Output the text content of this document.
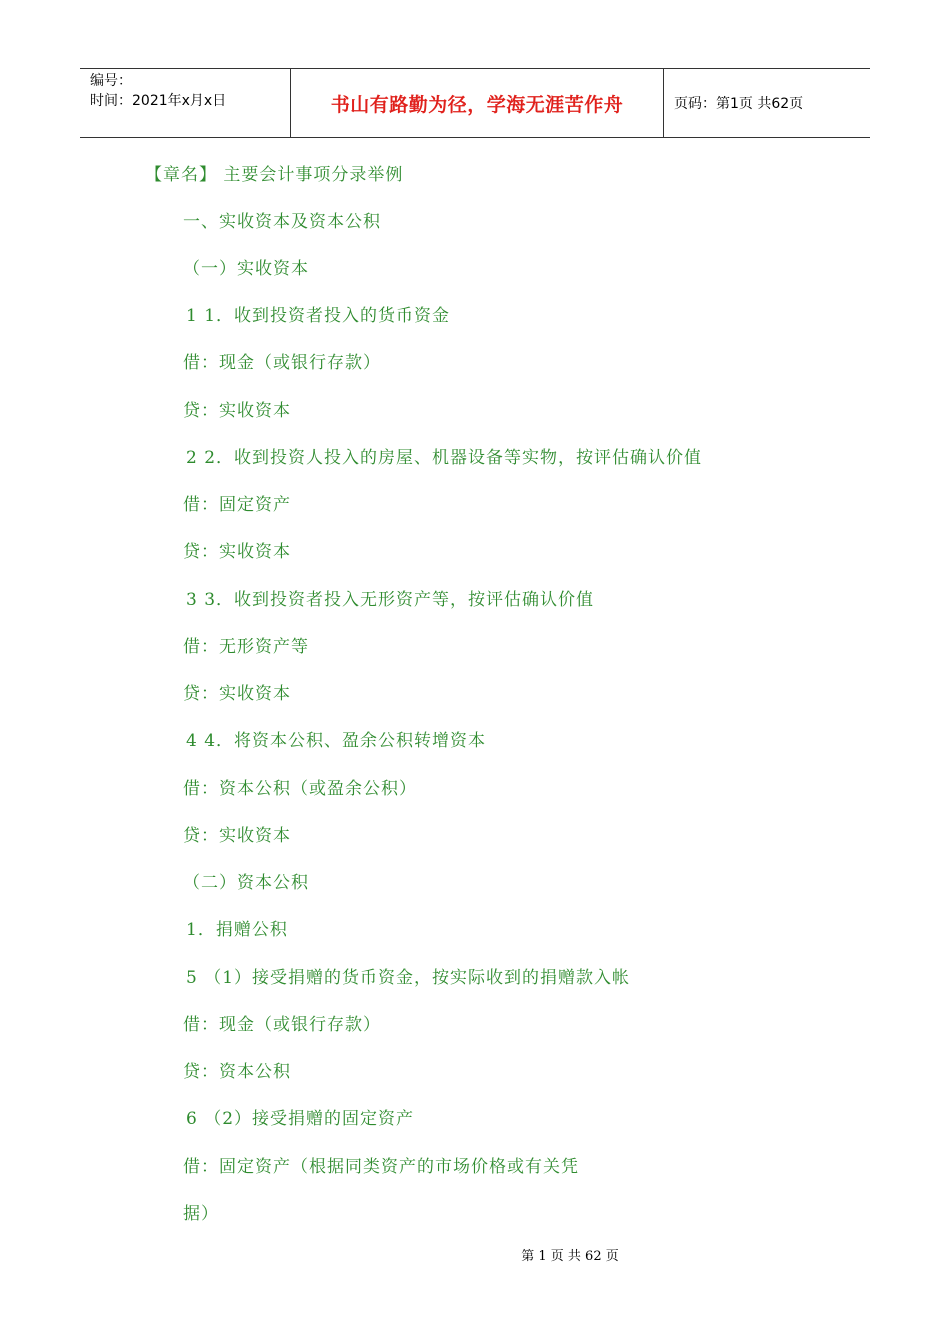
编号：
时间：2021年x月x日	书山有路勤为径，学海无涯苦作舟	页码：第1页 共62页
【章名】 主要会计事项分录举例
一、实收资本及资本公积
（一）实收资本
1 1．收到投资者投入的货币资金
借：现金（或银行存款）
贷：实收资本
2 2．收到投资人投入的房屋、机器设备等实物，按评估确认价值
借：固定资产
贷：实收资本
3 3．收到投资者投入无形资产等，按评估确认价值
借：无形资产等
贷：实收资本
4 4．将资本公积、盈余公积转增资本
借：资本公积（或盈余公积）
贷：实收资本
（二）资本公积
1．捐赠公积
5 （1）接受捐赠的货币资金，按实际收到的捐赠款入帐
借：现金（或银行存款）
贷：资本公积
6 （2）接受捐赠的固定资产
借：固定资产（根据同类资产的市场价格或有关凭
据）
第 1 页 共 62 页
